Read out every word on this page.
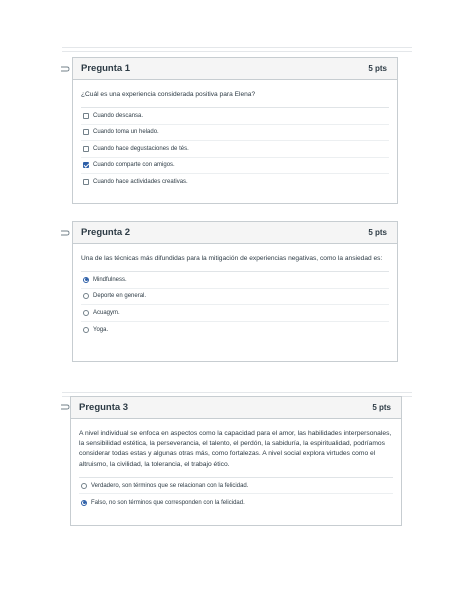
Pregunta 1	5 pts
¿Cuál es una experiencia considerada positiva para Elena?
Cuando descansa.
Cuando toma un helado.
Cuando hace degustaciones de tés.
Cuando comparte con amigos.
Cuando hace actividades creativas.
Pregunta 2	5 pts
Una de las técnicas más difundidas para la mitigación de experiencias negativas, como la ansiedad es:
Mindfulness.
Deporte en general.
Acuagym.
Yoga.
Pregunta 3	5 pts
A nivel individual se enfoca en aspectos como la capacidad para el amor, las habilidades interpersonales, la sensibilidad estética, la perseverancia, el talento, el perdón, la sabiduría, la espiritualidad, podríamos considerar todas estas y algunas otras más, como fortalezas. A nivel social explora virtudes como el altruismo, la civilidad, la tolerancia, el trabajo ético.
Verdadero, son términos que se relacionan con la felicidad.
Falso, no son términos que corresponden con la felicidad.
